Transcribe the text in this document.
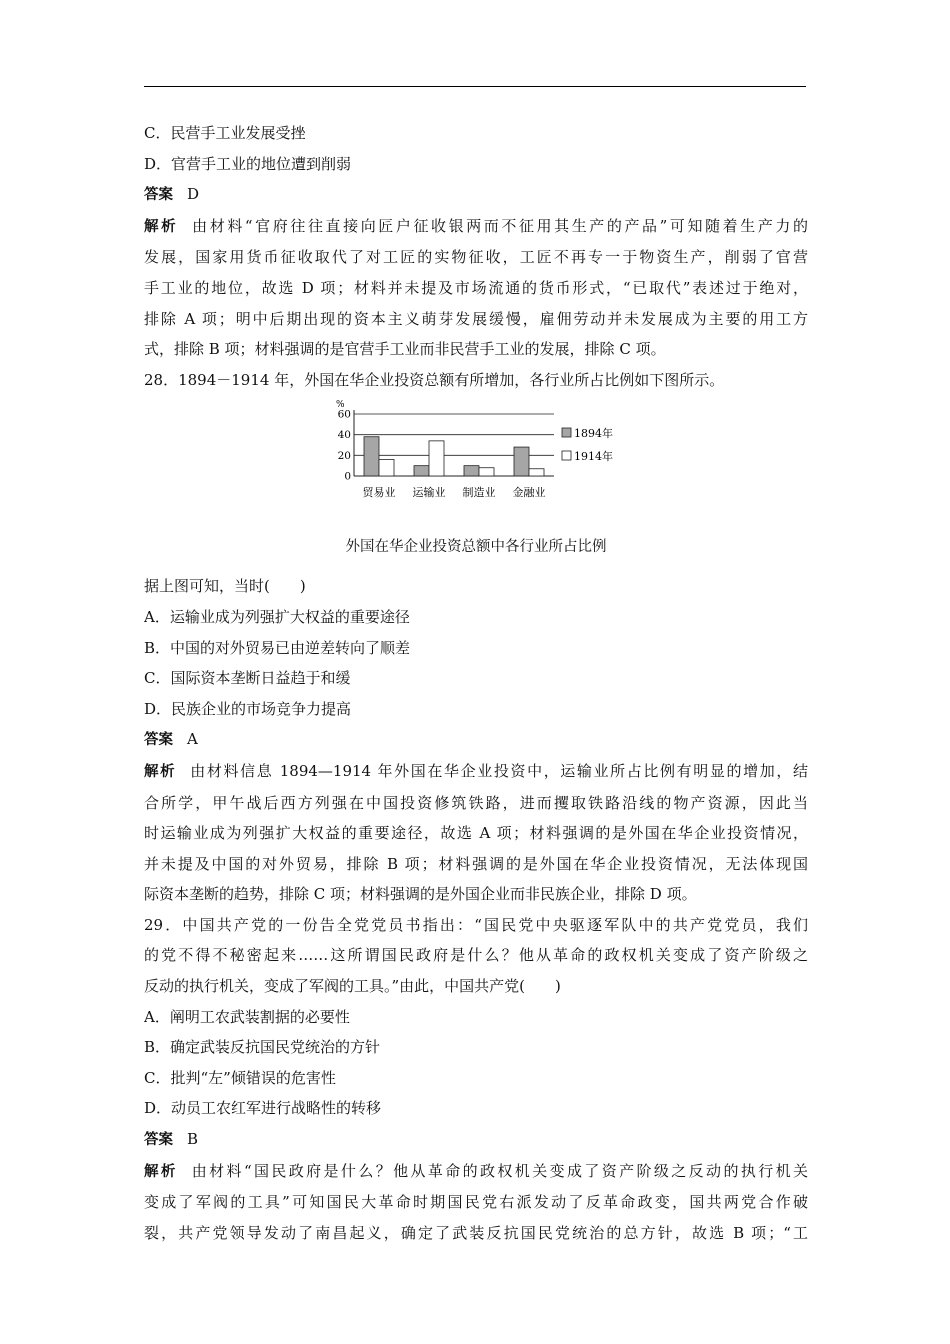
C．民营手工业发展受挫
D．官营手工业的地位遭到削弱
答案 D
解析 由材料“官府往往直接向匠户征收银两而不征用其生产的产品”可知随着生产力的
发展，国家用货币征收取代了对工匠的实物征收，工匠不再专一于物资生产，削弱了官营
手工业的地位，故选 D 项；材料并未提及市场流通的货币形式，“已取代”表述过于绝对，
排除 A 项；明中后期出现的资本主义萌芽发展缓慢，雇佣劳动并未发展成为主要的用工方
式，排除 B 项；材料强调的是官营手工业而非民营手工业的发展，排除 C 项。
28．1894－1914 年，外国在华企业投资总额有所增加，各行业所占比例如下图所示。
0
20
40
60
贸易业 运输业 制造业 金融业
1894年
1914年
%
外国在华企业投资总额中各行业所占比例
据上图可知，当时(　　)
A．运输业成为列强扩大权益的重要途径
B．中国的对外贸易已由逆差转向了顺差
C．国际资本垄断日益趋于和缓
D．民族企业的市场竞争力提高
答案 A
解析 由材料信息 1894—1914 年外国在华企业投资中，运输业所占比例有明显的增加，结
合所学，甲午战后西方列强在中国投资修筑铁路，进而攫取铁路沿线的物产资源，因此当
时运输业成为列强扩大权益的重要途径，故选 A 项；材料强调的是外国在华企业投资情况，
并未提及中国的对外贸易，排除 B 项；材料强调的是外国在华企业投资情况，无法体现国
际资本垄断的趋势，排除 C 项；材料强调的是外国企业而非民族企业，排除 D 项。
29．中国共产党的一份告全党党员书指出：“国民党中央驱逐军队中的共产党党员，我们
的党不得不秘密起来……这所谓国民政府是什么？他从革命的政权机关变成了资产阶级之
反动的执行机关，变成了军阀的工具。”由此，中国共产党(　　)
A．阐明工农武装割据的必要性
B．确定武装反抗国民党统治的方针
C．批判“左”倾错误的危害性
D．动员工农红军进行战略性的转移
答案 B
解析 由材料“国民政府是什么？他从革命的政权机关变成了资产阶级之反动的执行机关
变成了军阀的工具”可知国民大革命时期国民党右派发动了反革命政变，国共两党合作破
裂，共产党领导发动了南昌起义，确定了武装反抗国民党统治的总方针，故选 B 项；“工
